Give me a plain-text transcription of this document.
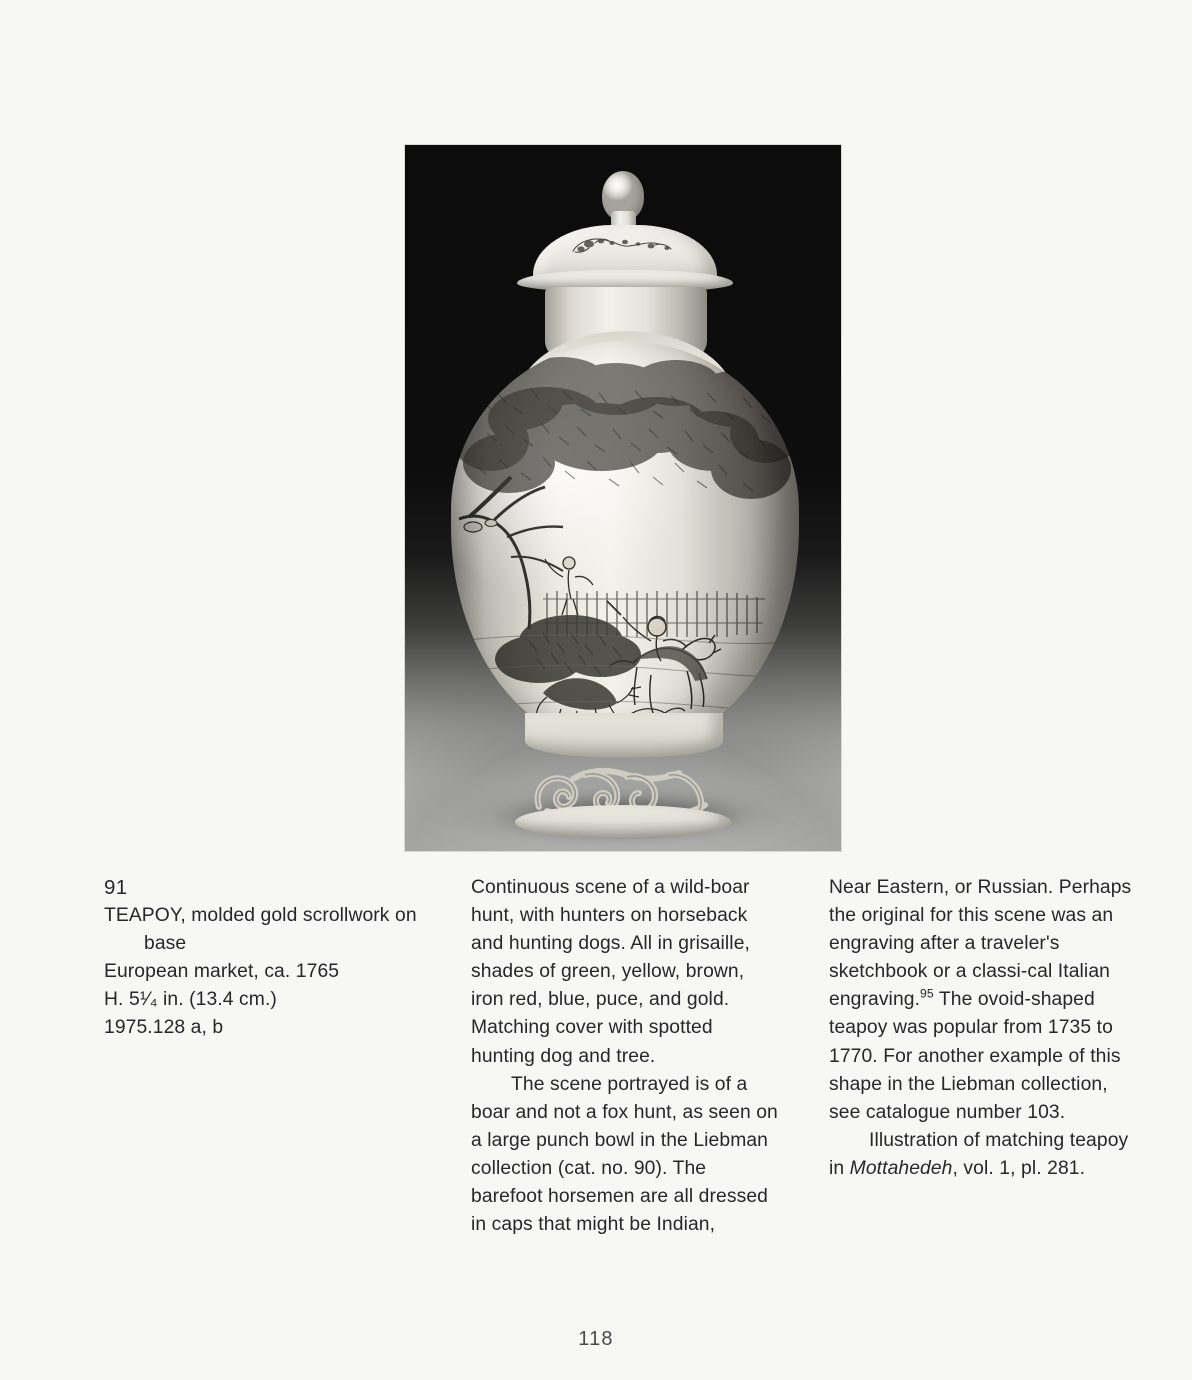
91
TEAPOY, molded gold scrollwork on
base
European market, ca. 1765
H. 5¹⁄₄ in. (13.4 cm.)
1975.128 a, b

Continuous scene of a wild-boar hunt, with hunters on horseback and hunting dogs. All in grisaille, shades of green, yellow, brown, iron red, blue, puce, and gold. Matching cover with spotted hunting dog and tree.

The scene portrayed is of a boar and not a fox hunt, as seen on a large punch bowl in the Liebman collection (cat. no. 90). The barefoot horsemen are all dressed in caps that might be Indian,

Near Eastern, or Russian. Perhaps the original for this scene was an engraving after a traveler's sketchbook or a classi-cal Italian engraving.$^{95}$ The ovoid-shaped teapoy was popular from 1735 to 1770. For another example of this shape in the Liebman collection, see catalogue number 103.

Illustration of matching teapoy in Mottahedeh, vol. 1, pl. 281.

118
